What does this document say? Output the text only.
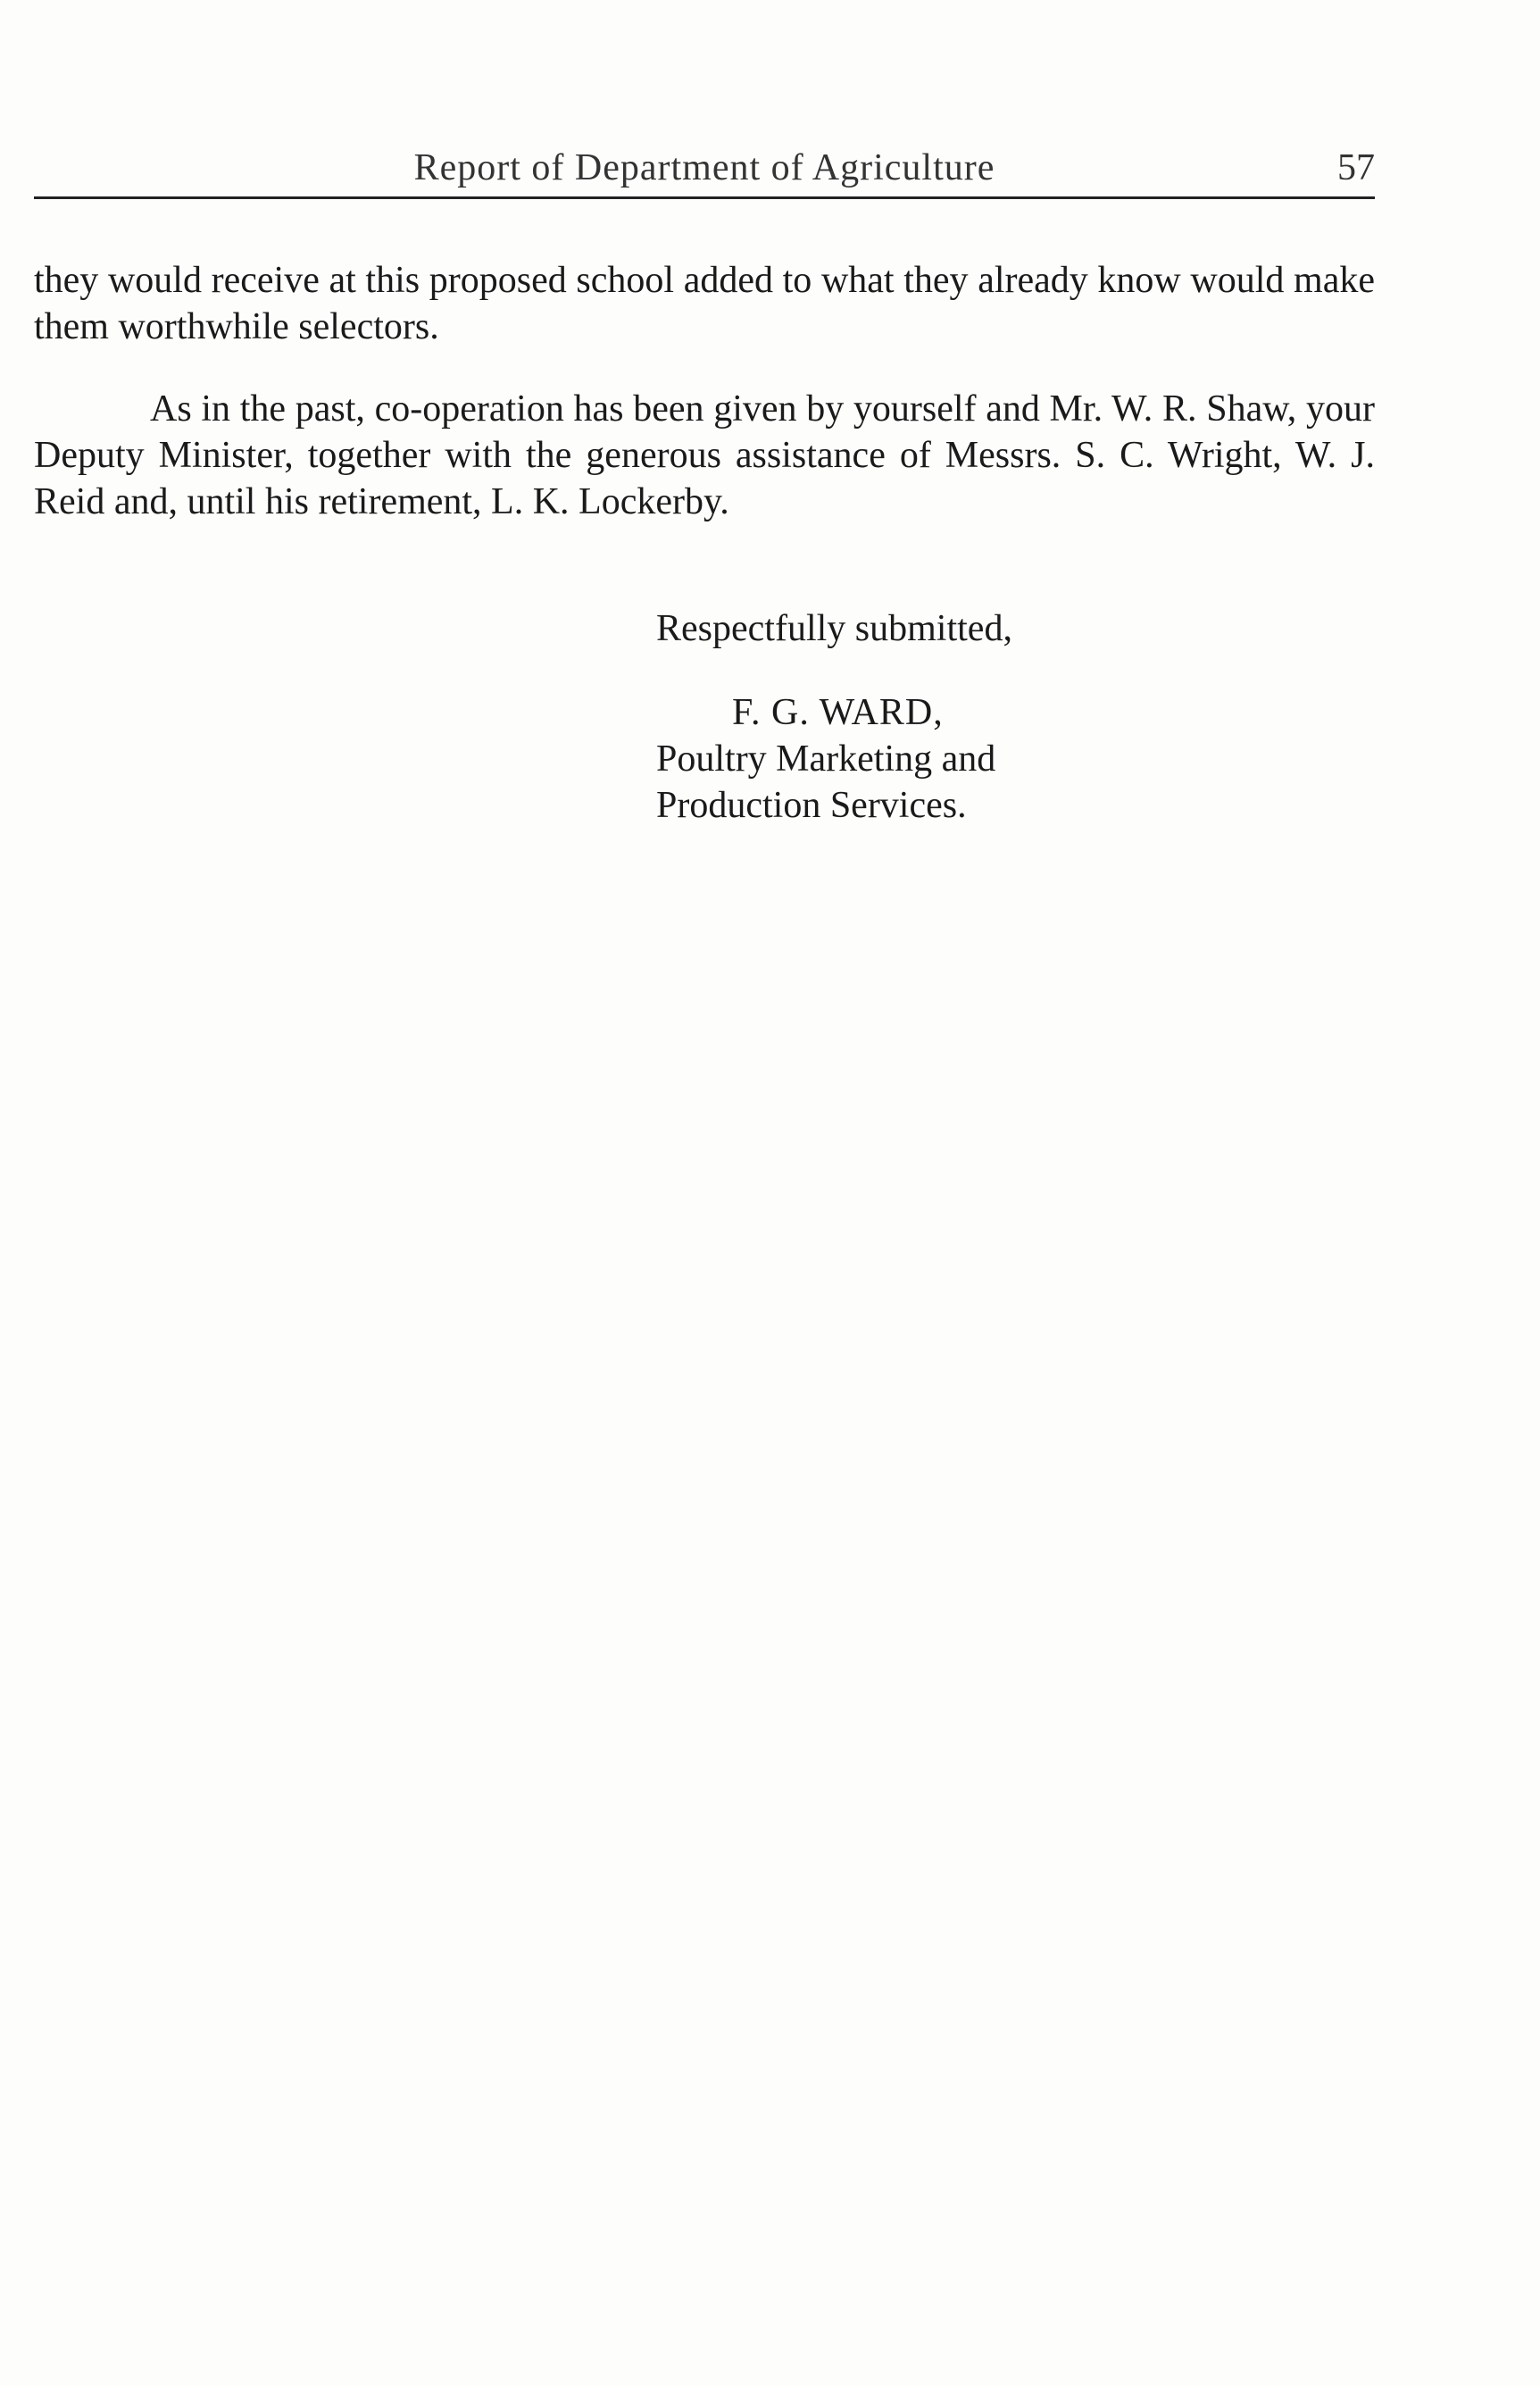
Report of Department of Agriculture	57

they would receive at this proposed school added to what they already know would make them worthwhile selectors.

As in the past, co-operation has been given by yourself and Mr. W. R. Shaw, your Deputy Minister, together with the generous assistance of Messrs. S. C. Wright, W. J. Reid and, until his retirement, L. K. Lockerby.

Respectfully submitted,
F. G. WARD,
Poultry Marketing and
Production Services.
